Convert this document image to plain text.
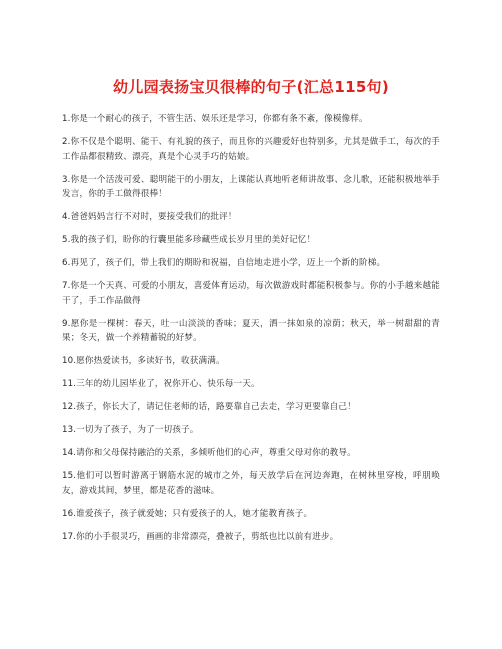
幼儿园表扬宝贝很棒的句子(汇总115句)
1.你是一个耐心的孩子，不管生活、娱乐还是学习，你都有条不紊，像模像样。
2.你不仅是个聪明、能干、有礼貌的孩子，而且你的兴趣爱好也特别多，尤其是做手工，每次的手工作品都很精致、漂亮，真是个心灵手巧的姑娘。
3.你是一个活泼可爱、聪明能干的小朋友，上课能认真地听老师讲故事、念儿歌，还能积极地举手发言，你的手工做得很棒！
4.爸爸妈妈言行不对时，要接受我们的批评！
5.我的孩子们，盼你的行囊里能多珍藏些成长岁月里的美好记忆！
6.再见了，孩子们，带上我们的期盼和祝福，自信地走进小学，迈上一个新的阶梯。
7.你是一个天真、可爱的小朋友，喜爱体育运动，每次做游戏时都能积极参与。你的小手越来越能干了，手工作品做得
9.愿你是一棵树：春天，吐一山淡淡的香味；夏天，洒一抹如泉的凉荫；秋天，举一树甜甜的青果；冬天，做一个养精蓄锐的好梦。
10.愿你热爱读书，多读好书，收获满满。
11.三年的幼儿园毕业了，祝你开心、快乐每一天。
12.孩子，你长大了，请记住老师的话，路要靠自己去走，学习更要靠自己！
13.一切为了孩子，为了一切孩子。
14.请你和父母保持融洽的关系，多倾听他们的心声，尊重父母对你的教导。
15.他们可以暂时游离于钢筋水泥的城市之外，每天放学后在河边奔跑，在树林里穿梭，呼朋唤友，游戏其间，梦里，都是花香的滋味。
16.谁爱孩子，孩子就爱她；只有爱孩子的人，她才能教育孩子。
17.你的小手很灵巧，画画的非常漂亮，叠被子，剪纸也比以前有进步。
